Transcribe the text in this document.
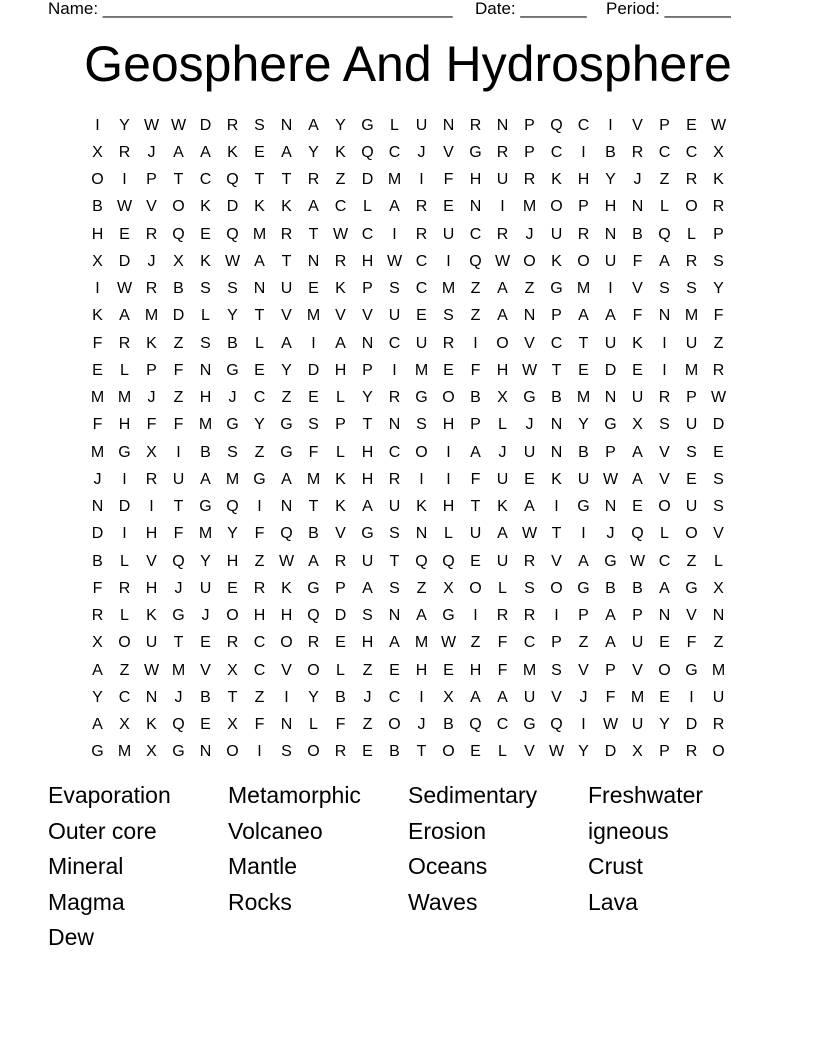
Name: _____________________________________ Date: _______ Period: _______
Geosphere And Hydrosphere
I	Y W W D R S N A	Y G	L	U N R N P Q C	I	V	P	E W
X R	J	A	A	K	E	A	Y	K Q C	J	V G R P C	I	B R C C X
O	I	P	T	C Q T	T	R	Z	D M	I	F	H U R K H Y	J	Z	R K
B W V O K D K	K	A C	L	A R E N	I	M O P H N	L	O R
H E R Q E Q M R	T W C	I	R U C R	J	U R N B Q	L	P
X D	J	X	K W A	T	N R H W C	I	Q W O K O U	F	A R S
I	W R B	S	S N U E	K	P	S C M Z	A	Z G M	I	V	S	S	Y
K	A M D	L	Y	T	V M V	V U E	S	Z	A N P	A	A	F	N M F
F	R K	Z	S	B	L	A	I	A N C U R	I	O V C	T	U K	I	U	Z
E	L	P	F	N G E	Y D H P	I	M E	F	H W T	E D E	I	M R
M M	J	Z	H	J	C	Z	E	L	Y R G O B	X G B M N U R P W
F	H	F	F M G Y G S	P	T	N S H P	L	J	N Y G X	S U D
M G X	I	B	S	Z G F	L	H C O	I	A	J	U N B	P	A	V	S	E
J	I	R U A M G A M K H R	I	I	F	U E	K U W A	V	E	S
N D	I	T G Q	I	N	T	K	A U K H	T	K	A	I	G N E O U S
D	I	H	F M Y	F Q B	V G S N	L	U A W T	I	J	Q	L	O V
B	L	V Q Y H	Z W A R U	T Q Q E U R V	A G W C	Z	L
F	R H	J	U E R K G P	A	S	Z	X O	L	S O G B	B	A G X
R	L	K G	J	O H H Q D S N A G	I	R R	I	P	A	P N V N
X O U	T	E R C O R E H A M W Z	F	C P	Z	A U E	F	Z
A	Z W M V	X C V O	L	Z	E H E H	F M S	V	P	V O G M
Y C N	J	B	T	Z	I	Y	B	J	C	I	X	A	A U V	J	F M E	I	U
A	X	K Q E	X	F	N	L	F	Z O	J	B Q C G Q	I	W U Y D R
G M X G N O	I	S O R E	B	T O E	L	V W Y D X	P R O
Evaporation Metamorphic Sedimentary Freshwater
Outer core	Volcaneo	Erosion	igneous
Mineral	Mantle	Oceans	Crust
Magma	Rocks	Waves	Lava
Dew
